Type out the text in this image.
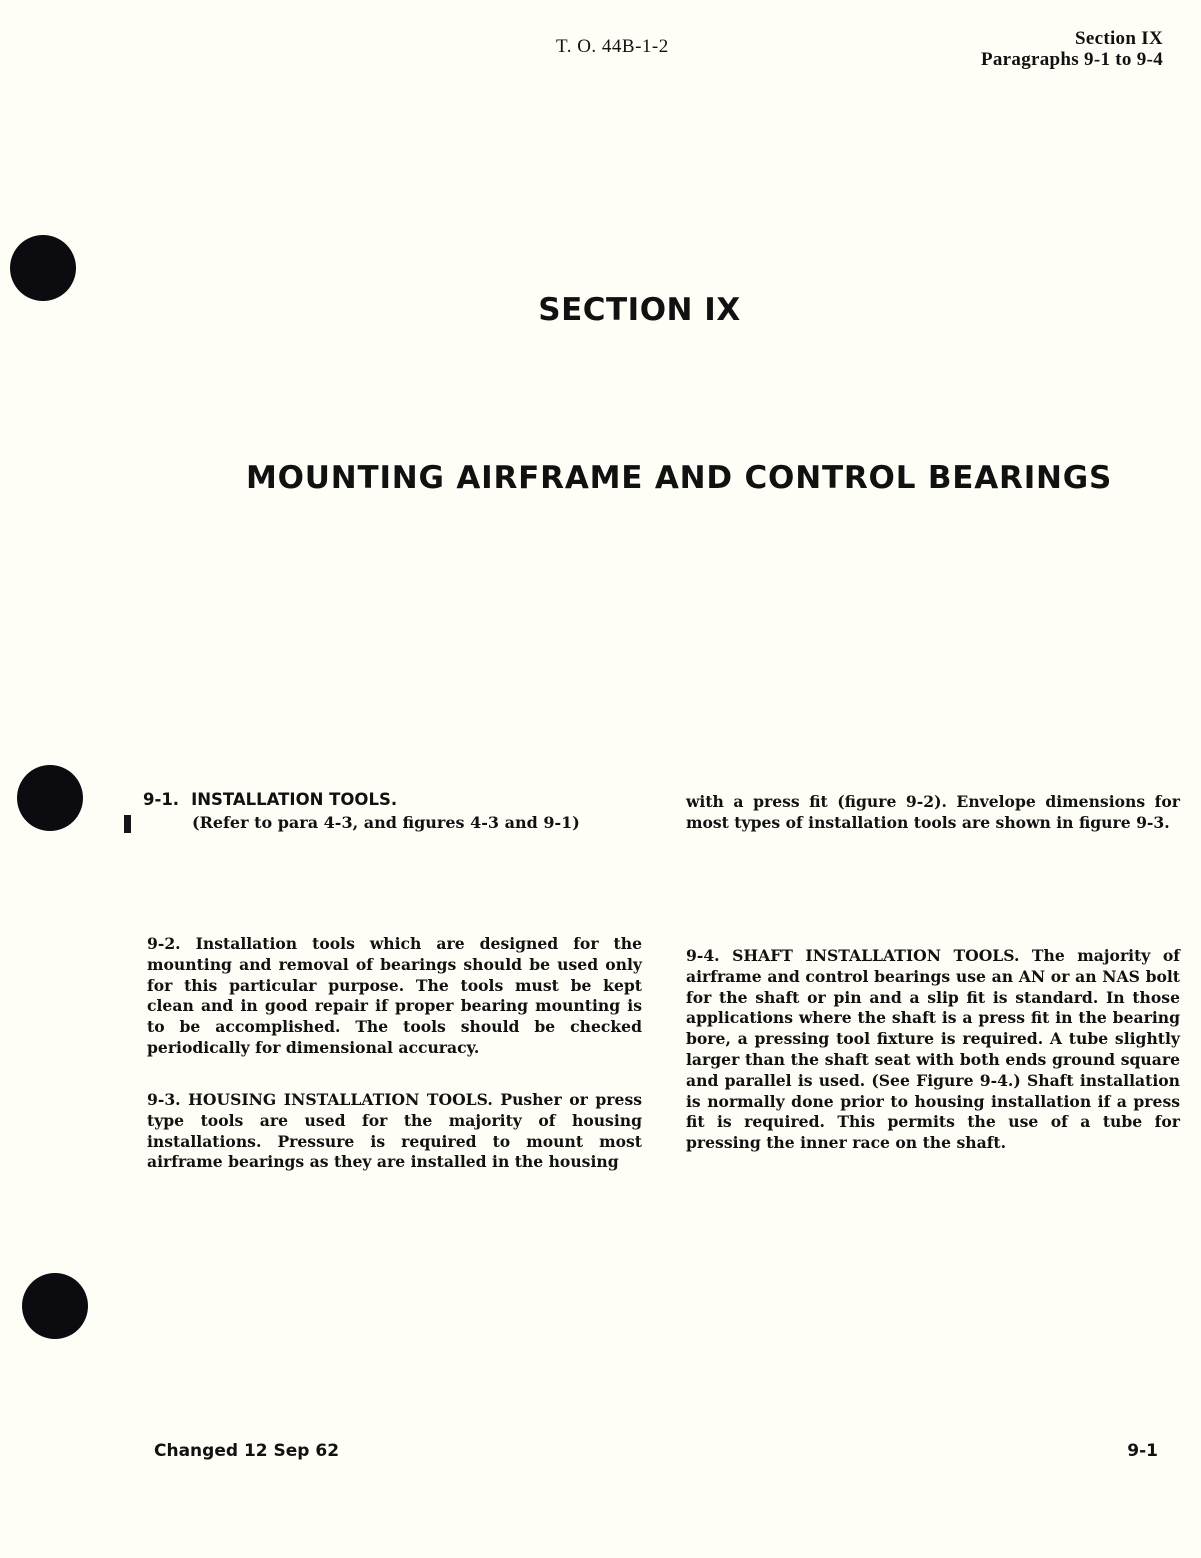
T. O. 44B-1-2	Section IX
Paragraphs 9-1 to 9-4
SECTION IX
MOUNTING AIRFRAME AND CONTROL BEARINGS
9-1. INSTALLATION TOOLS.
(Refer to para 4-3, and figures 4-3 and 9-1)
with a press fit (figure 9-2). Envelope dimensions for most types of installation tools are shown in figure 9-3.
9-2. Installation tools which are designed for the mounting and removal of bearings should be used only for this particular purpose. The tools must be kept clean and in good repair if proper bearing mounting is to be accomplished. The tools should be checked periodically for dimensional accuracy.
9-3. HOUSING INSTALLATION TOOLS. Pusher or press type tools are used for the majority of housing installations. Pressure is required to mount most airframe bearings as they are installed in the housing
9-4. SHAFT INSTALLATION TOOLS. The majority of airframe and control bearings use an AN or an NAS bolt for the shaft or pin and a slip fit is standard. In those applications where the shaft is a press fit in the bearing bore, a pressing tool fixture is required. A tube slightly larger than the shaft seat with both ends ground square and parallel is used. (See Figure 9-4.) Shaft installation is normally done prior to housing installation if a press fit is required. This permits the use of a tube for pressing the inner race on the shaft.
Changed 12 Sep 62	9-1
